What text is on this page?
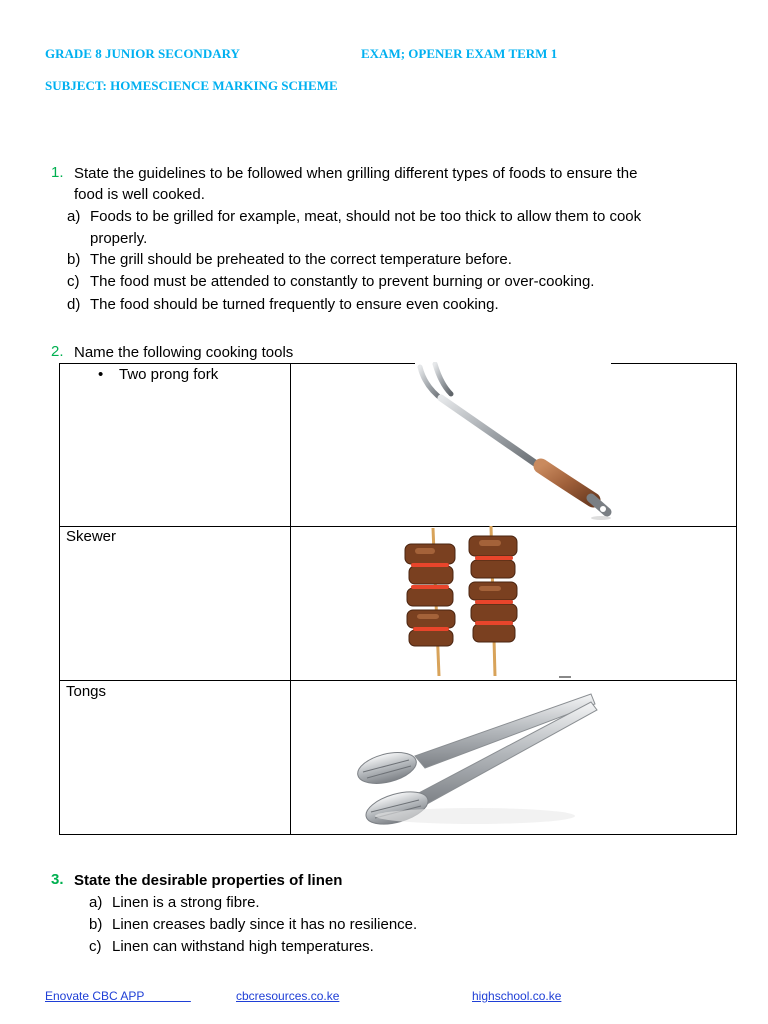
GRADE 8 JUNIOR SECONDARY	EXAM; OPENER EXAM TERM 1
SUBJECT: HOMESCIENCE MARKING SCHEME
1. State the guidelines to be followed when grilling different types of foods to ensure the
food is well cooked.
a) Foods to be grilled for example, meat, should not be too thick to allow them to cook
properly.
b) The grill should be preheated to the correct temperature before.
c) The food must be attended to constantly to prevent burning or over-cooking.
d) The food should be turned frequently to ensure even cooking.
2. Name the following cooking tools
• Two prong fork
Skewer
Tongs
3. State the desirable properties of linen
a) Linen is a strong fibre.
b) Linen creases badly since it has no resilience.
c) Linen can withstand high temperatures.
Enovate CBC APP	cbcresources.co.ke	highschool.co.ke
